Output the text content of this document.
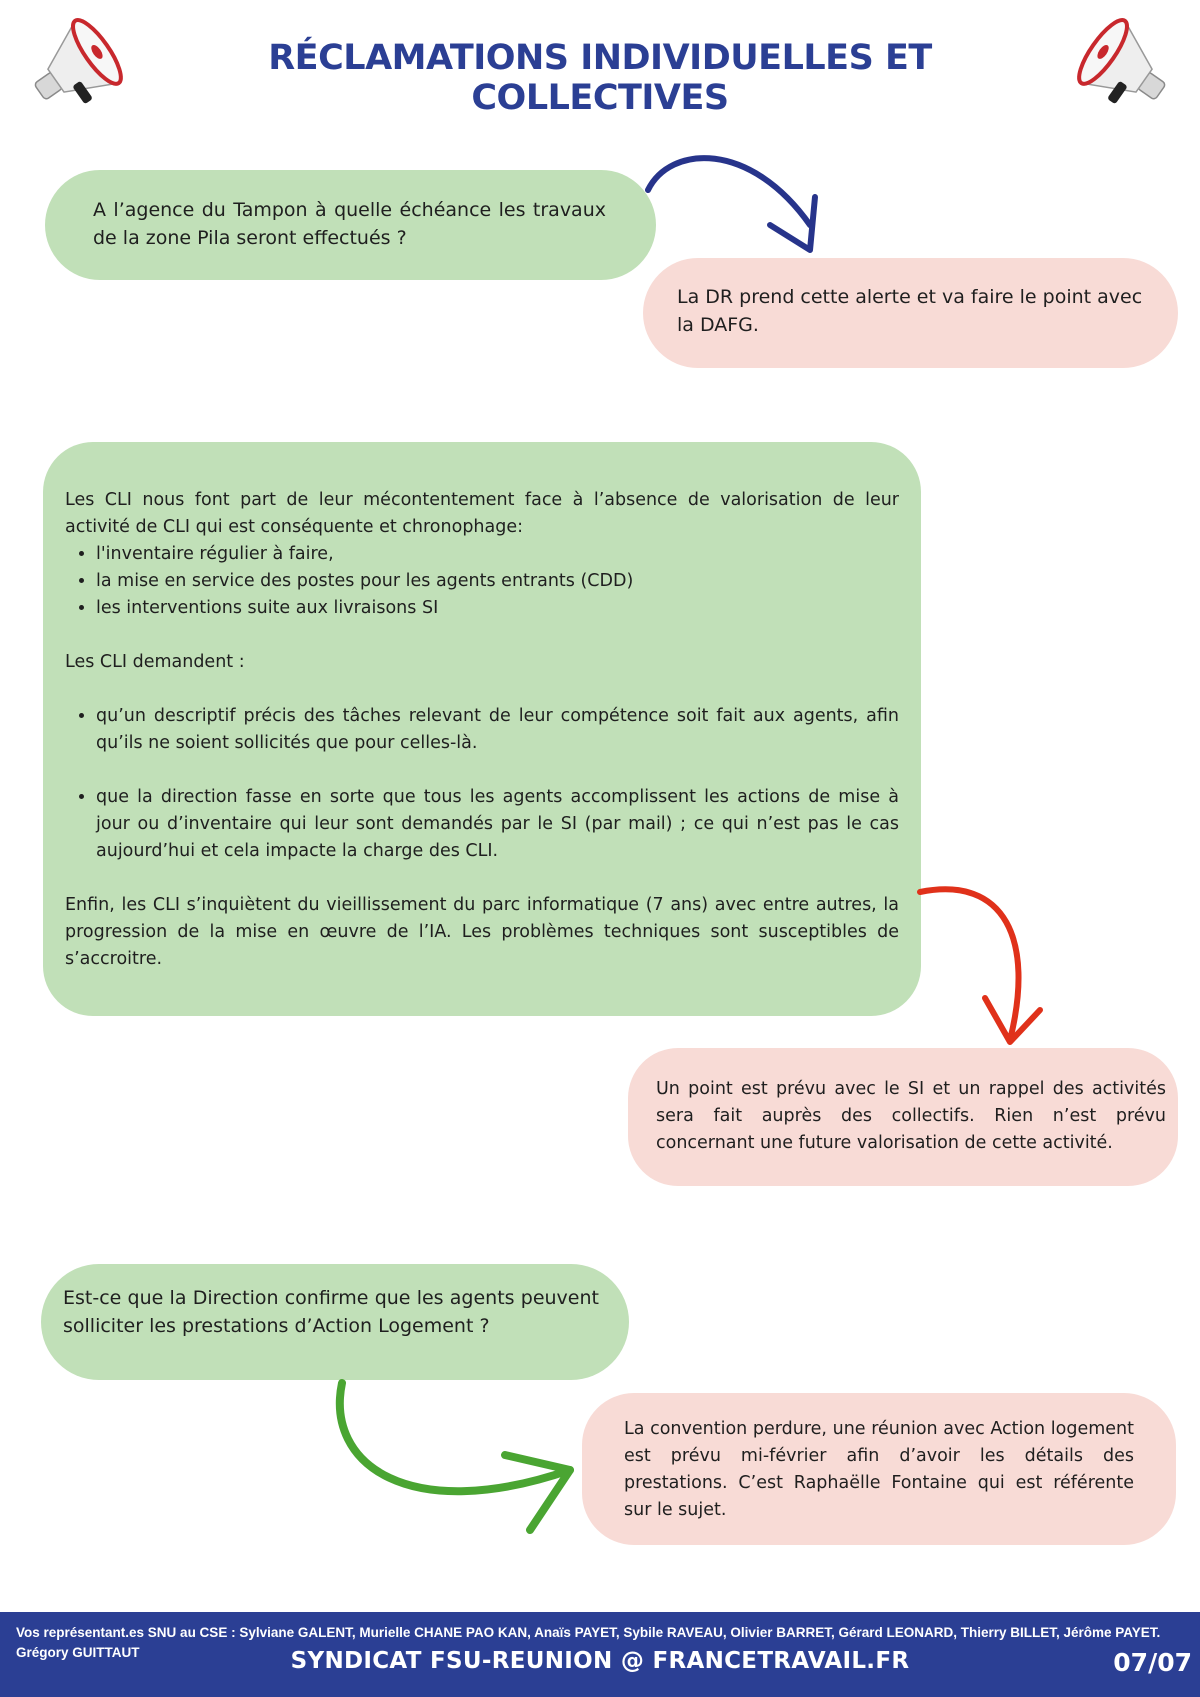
RÉCLAMATIONS INDIVIDUELLES ET COLLECTIVES

A l’agence du Tampon à quelle échéance les travaux de la zone Pila seront effectués ?

La DR prend cette alerte et va faire le point avec la DAFG.

Les CLI nous font part de leur mécontentement face à l’absence de valorisation de leur activité de CLI qui est conséquente et chronophage:

• l'inventaire régulier à faire,
• la mise en service des postes pour les agents entrants (CDD)
• les interventions suite aux livraisons SI

Les CLI demandent :

• qu’un descriptif précis des tâches relevant de leur compétence soit fait aux agents, afin qu’ils ne soient sollicités que pour celles-là.
• que la direction fasse en sorte que tous les agents accomplissent les actions de mise à jour ou d’inventaire qui leur sont demandés par le SI (par mail) ; ce qui n’est pas le cas aujourd’hui et cela impacte la charge des CLI.

Enfin, les CLI s’inquiètent du vieillissement du parc informatique (7 ans) avec entre autres, la progression de la mise en œuvre de l’IA. Les problèmes techniques sont susceptibles de s’accroitre.

Un point est prévu avec le SI et un rappel des activités sera fait auprès des collectifs. Rien n’est prévu concernant une future valorisation de cette activité.

Est-ce que la Direction confirme que les agents peuvent solliciter les prestations d’Action Logement ?

La convention perdure, une réunion avec Action logement est prévu mi-février afin d’avoir les détails des prestations. C’est Raphaëlle Fontaine qui est référente sur le sujet.

Vos représentant.es SNU au CSE : Sylviane GALENT, Murielle CHANE PAO KAN, Anaïs PAYET, Sybile RAVEAU, Olivier BARRET, Gérard LEONARD, Thierry BILLET, Jérôme PAYET. Grégory GUITTAUT	SYNDICAT FSU-REUNION @ FRANCETRAVAIL.FR	07/07
